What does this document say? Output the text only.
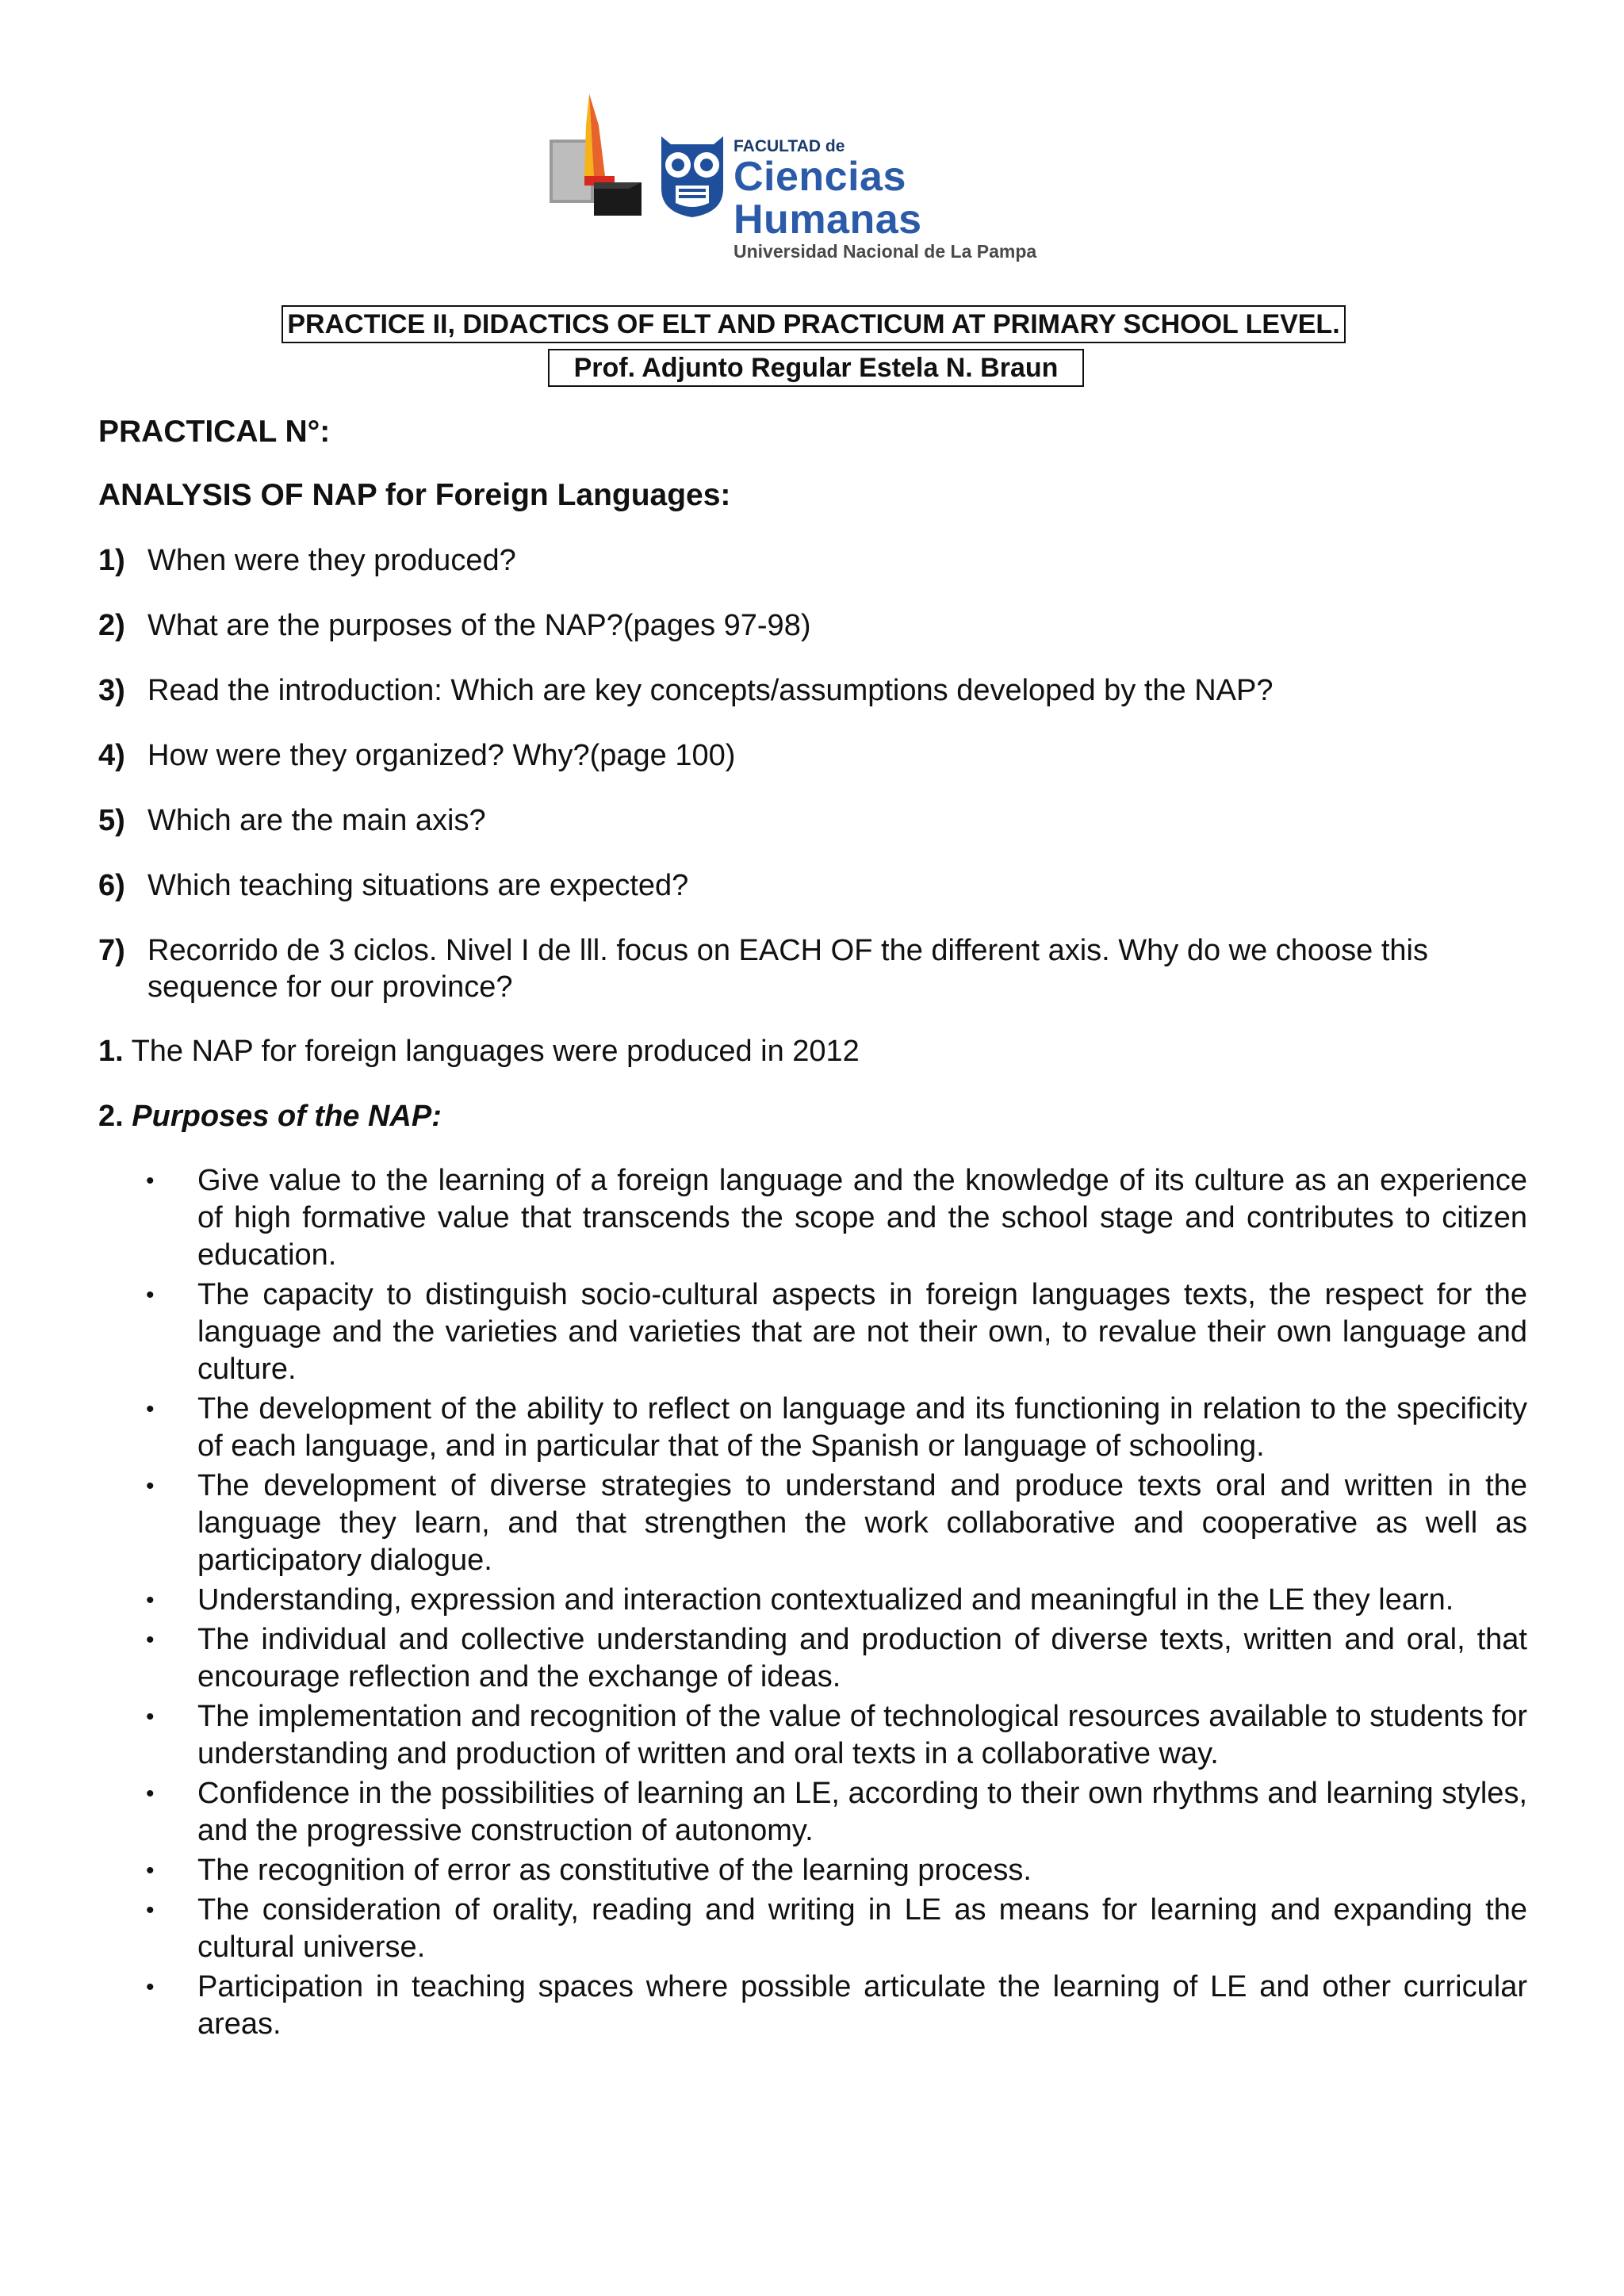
FACULTAD de
Ciencias Humanas
Universidad Nacional de La Pampa
PRACTICE II, DIDACTICS OF ELT AND PRACTICUM AT PRIMARY SCHOOL LEVEL.
Prof. Adjunto Regular Estela N. Braun
PRACTICAL N°:
ANALYSIS OF NAP for Foreign Languages:
1) When were they produced?
2) What are the purposes of the NAP?(pages 97-98)
3) Read the introduction: Which are key concepts/assumptions developed by the NAP?
4) How were they organized? Why?(page 100)
5) Which are the main axis?
6) Which teaching situations are expected?
7) Recorrido de 3 ciclos. Nivel I de lll. focus on EACH OF the different axis. Why do we choose this sequence for our province?
1. The NAP for foreign languages were produced in 2012
2. Purposes of the NAP:
• Give value to the learning of a foreign language and the knowledge of its culture as an experience of high formative value that transcends the scope and the school stage and contributes to citizen education.
• The capacity to distinguish socio-cultural aspects in foreign languages texts, the respect for the language and the varieties and varieties that are not their own, to revalue their own language and culture.
• The development of the ability to reflect on language and its functioning in relation to the specificity of each language, and in particular that of the Spanish or language of schooling.
• The development of diverse strategies to understand and produce texts oral and written in the language they learn, and that strengthen the work collaborative and cooperative as well as participatory dialogue.
• Understanding, expression and interaction contextualized and meaningful in the LE they learn.
• The individual and collective understanding and production of diverse texts, written and oral, that encourage reflection and the exchange of ideas.
• The implementation and recognition of the value of technological resources available to students for understanding and production of written and oral texts in a collaborative way.
• Confidence in the possibilities of learning an LE, according to their own rhythms and learning styles, and the progressive construction of autonomy.
• The recognition of error as constitutive of the learning process.
• The consideration of orality, reading and writing in LE as means for learning and expanding the cultural universe.
• Participation in teaching spaces where possible articulate the learning of LE and other curricular areas.
